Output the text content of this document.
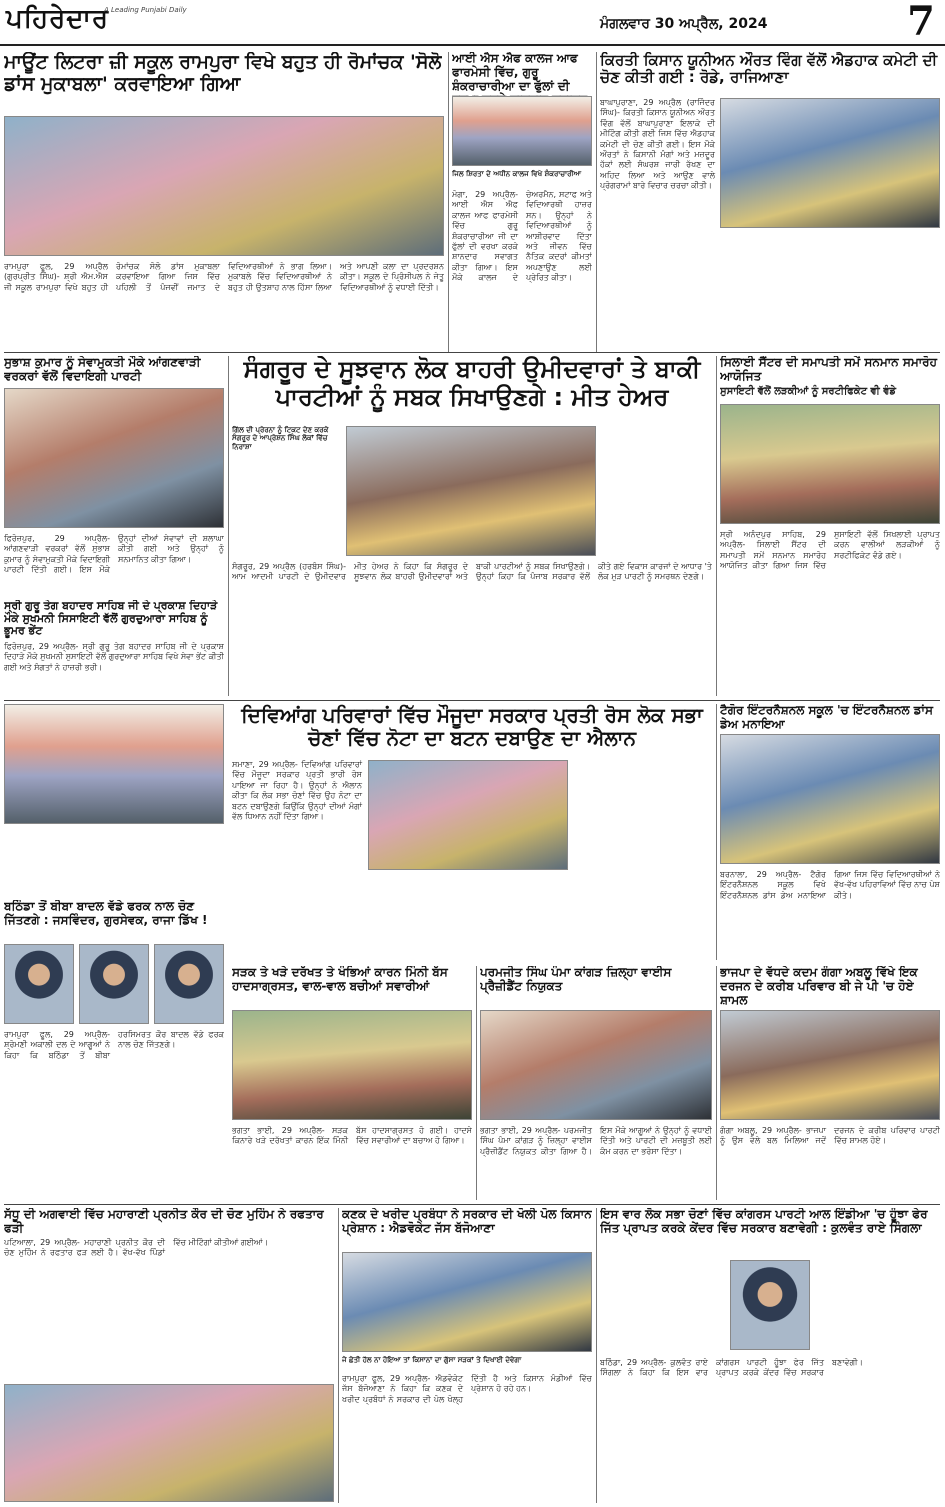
ਪਹਿਰੇਦਾਰ
A Leading Punjabi Daily
ਮੰਗਲਵਾਰ 30 ਅਪ੍ਰੈਲ, 2024	7
ਮਾਊਂਟ ਲਿਟਰਾ ਜ਼ੀ ਸਕੂਲ ਰਾਮਪੁਰਾ ਵਿਖੇ ਬਹੁਤ ਹੀ ਰੋਮਾਂਚਕ 'ਸੋਲੋ ਡਾਂਸ ਮੁਕਾਬਲਾ' ਕਰਵਾਇਆ ਗਿਆ
ਰਾਮਪੁਰਾ ਫੂਲ, 29 ਅਪ੍ਰੈਲ (ਗੁਰਪ੍ਰੀਤ ਸਿੰਘ)- ਸ਼੍ਰੀ ਐਮ.ਐਸ ਜੀ ਸਕੂਲ ਰਾਮਪੁਰਾ ਵਿਖੇ ਬਹੁਤ ਹੀ ਰੋਮਾਂਚਕ ਸੋਲੋ ਡਾਂਸ ਮੁਕਾਬਲਾ ਕਰਵਾਇਆ ਗਿਆ ਜਿਸ ਵਿੱਚ ਪਹਿਲੀ ਤੋਂ ਪੰਜਵੀਂ ਜਮਾਤ ਦੇ ਵਿਦਿਆਰਥੀਆਂ ਨੇ ਭਾਗ ਲਿਆ। ਮੁਕਾਬਲੇ ਵਿੱਚ ਵਿਦਿਆਰਥੀਆਂ ਨੇ ਬਹੁਤ ਹੀ ਉਤਸ਼ਾਹ ਨਾਲ ਹਿੱਸਾ ਲਿਆ ਅਤੇ ਆਪਣੀ ਕਲਾ ਦਾ ਪ੍ਰਦਰਸ਼ਨ ਕੀਤਾ। ਸਕੂਲ ਦੇ ਪ੍ਰਿੰਸੀਪਲ ਨੇ ਜੇਤੂ ਵਿਦਿਆਰਥੀਆਂ ਨੂੰ ਵਧਾਈ ਦਿੱਤੀ।
ਆਈ ਐਸ ਐਫ ਕਾਲਜ ਆਫ ਫਾਰਮੇਸੀ ਵਿੱਚ, ਗੁਰੂ ਸ਼ੰਕਰਾਚਾਰੀਆ ਦਾ ਫੁੱਲਾਂ ਦੀ
ਜਿਲ ਸ਼ਿਰਤਾ ਦੇ ਅਧੀਨ ਕਾਲਜ ਵਿਖੇ ਸ਼ੰਕਰਾਚਾਰੀਆ
ਮੋਗਾ, 29 ਅਪ੍ਰੈਲ- ਆਈ ਐਸ ਐਫ ਕਾਲਜ ਆਫ ਫਾਰਮੇਸੀ ਵਿੱਚ ਗੁਰੂ ਸ਼ੰਕਰਾਚਾਰੀਆ ਜੀ ਦਾ ਫੁੱਲਾਂ ਦੀ ਵਰਖਾ ਕਰਕੇ ਸ਼ਾਨਦਾਰ ਸਵਾਗਤ ਕੀਤਾ ਗਿਆ। ਇਸ ਮੌਕੇ ਕਾਲਜ ਦੇ ਚੇਅਰਮੈਨ, ਸਟਾਫ ਅਤੇ ਵਿਦਿਆਰਥੀ ਹਾਜ਼ਰ ਸਨ। ਉਨ੍ਹਾਂ ਨੇ ਵਿਦਿਆਰਥੀਆਂ ਨੂੰ ਆਸ਼ੀਰਵਾਦ ਦਿੱਤਾ ਅਤੇ ਜੀਵਨ ਵਿੱਚ ਨੈਤਿਕ ਕਦਰਾਂ ਕੀਮਤਾਂ ਅਪਣਾਉਣ ਲਈ ਪ੍ਰੇਰਿਤ ਕੀਤਾ।
ਕਿਰਤੀ ਕਿਸਾਨ ਯੂਨੀਅਨ ਔਰਤ ਵਿੰਗ ਵੱਲੋਂ ਐਡਹਾਕ ਕਮੇਟੀ ਦੀ ਚੋਣ ਕੀਤੀ ਗਈ : ਰੋਡੇ, ਰਾਜਿਆਣਾ
ਬਾਘਾਪੁਰਾਣਾ, 29 ਅਪ੍ਰੈਲ (ਰਾਜਿੰਦਰ ਸਿੰਘ)- ਕਿਰਤੀ ਕਿਸਾਨ ਯੂਨੀਅਨ ਔਰਤ ਵਿੰਗ ਵੱਲੋਂ ਬਾਘਾਪੁਰਾਣਾ ਇਲਾਕੇ ਦੀ ਮੀਟਿੰਗ ਕੀਤੀ ਗਈ ਜਿਸ ਵਿੱਚ ਐਡਹਾਕ ਕਮੇਟੀ ਦੀ ਚੋਣ ਕੀਤੀ ਗਈ। ਇਸ ਮੌਕੇ ਔਰਤਾਂ ਨੇ ਕਿਸਾਨੀ ਮੰਗਾਂ ਅਤੇ ਮਜ਼ਦੂਰ ਹੱਕਾਂ ਲਈ ਸੰਘਰਸ਼ ਜਾਰੀ ਰੱਖਣ ਦਾ ਅਹਿਦ ਲਿਆ ਅਤੇ ਆਉਣ ਵਾਲੇ ਪ੍ਰੋਗਰਾਮਾਂ ਬਾਰੇ ਵਿਚਾਰ ਚਰਚਾ ਕੀਤੀ।
ਸੁਭਾਸ਼ ਕੁਮਾਰ ਨੂੰ ਸੇਵਾਮੁਕਤੀ ਮੌਕੇ ਆਂਗਣਵਾੜੀ ਵਰਕਰਾਂ ਵੱਲੋਂ ਵਿਦਾਇਗੀ ਪਾਰਟੀ
ਫਿਰੋਜ਼ਪੁਰ, 29 ਅਪ੍ਰੈਲ- ਆਂਗਣਵਾੜੀ ਵਰਕਰਾਂ ਵੱਲੋਂ ਸੁਭਾਸ਼ ਕੁਮਾਰ ਨੂੰ ਸੇਵਾਮੁਕਤੀ ਮੌਕੇ ਵਿਦਾਇਗੀ ਪਾਰਟੀ ਦਿੱਤੀ ਗਈ। ਇਸ ਮੌਕੇ ਉਨ੍ਹਾਂ ਦੀਆਂ ਸੇਵਾਵਾਂ ਦੀ ਸ਼ਲਾਘਾ ਕੀਤੀ ਗਈ ਅਤੇ ਉਨ੍ਹਾਂ ਨੂੰ ਸਨਮਾਨਿਤ ਕੀਤਾ ਗਿਆ।
ਸੰਗਰੂਰ ਦੇ ਸੂਝਵਾਨ ਲੋਕ ਬਾਹਰੀ ਉਮੀਦਵਾਰਾਂ ਤੇ ਬਾਕੀ ਪਾਰਟੀਆਂ ਨੂੰ ਸਬਕ ਸਿਖਾਉਣਗੇ : ਮੀਤ ਹੇਅਰ
ਗਿੱਲ ਦੀ ਪ੍ਰੇਰਨਾ ਨੂੰ ਟਿਕਟ ਦੇਣ ਕਰਕੇ ਸੰਗਰੂਰ ਦੇ ਆਪ੍ਰੇਸ਼ਨ ਸਿੰਘ ਲੋਕਾਂ ਵਿੱਚ ਨਿਰਾਸ਼ਾ
ਸੰਗਰੂਰ, 29 ਅਪ੍ਰੈਲ (ਹਰਬੰਸ ਸਿੰਘ)- ਆਮ ਆਦਮੀ ਪਾਰਟੀ ਦੇ ਉਮੀਦਵਾਰ ਮੀਤ ਹੇਅਰ ਨੇ ਕਿਹਾ ਕਿ ਸੰਗਰੂਰ ਦੇ ਸੂਝਵਾਨ ਲੋਕ ਬਾਹਰੀ ਉਮੀਦਵਾਰਾਂ ਅਤੇ ਬਾਕੀ ਪਾਰਟੀਆਂ ਨੂੰ ਸਬਕ ਸਿਖਾਉਣਗੇ। ਉਨ੍ਹਾਂ ਕਿਹਾ ਕਿ ਪੰਜਾਬ ਸਰਕਾਰ ਵੱਲੋਂ ਕੀਤੇ ਗਏ ਵਿਕਾਸ ਕਾਰਜਾਂ ਦੇ ਆਧਾਰ 'ਤੇ ਲੋਕ ਮੁੜ ਪਾਰਟੀ ਨੂੰ ਸਮਰਥਨ ਦੇਣਗੇ।
ਸਿਲਾਈ ਸੈਂਟਰ ਦੀ ਸਮਾਪਤੀ ਸਮੇਂ ਸਨਮਾਨ ਸਮਾਰੋਹ ਆਯੋਜਿਤ
ਸੁਸਾਇਟੀ ਵੱਲੋਂ ਲੜਕੀਆਂ ਨੂੰ ਸਰਟੀਫਿਕੇਟ ਵੀ ਵੰਡੇ
ਸ੍ਰੀ ਅਨੰਦਪੁਰ ਸਾਹਿਬ, 29 ਅਪ੍ਰੈਲ- ਸਿਲਾਈ ਸੈਂਟਰ ਦੀ ਸਮਾਪਤੀ ਸਮੇਂ ਸਨਮਾਨ ਸਮਾਰੋਹ ਆਯੋਜਿਤ ਕੀਤਾ ਗਿਆ ਜਿਸ ਵਿੱਚ ਸੁਸਾਇਟੀ ਵੱਲੋਂ ਸਿਖਲਾਈ ਪ੍ਰਾਪਤ ਕਰਨ ਵਾਲੀਆਂ ਲੜਕੀਆਂ ਨੂੰ ਸਰਟੀਫਿਕੇਟ ਵੰਡੇ ਗਏ।
ਸ੍ਰੀ ਗੁਰੂ ਤੇਗ ਬਹਾਦਰ ਸਾਹਿਬ ਜੀ ਦੇ ਪ੍ਰਕਾਸ਼ ਦਿਹਾੜੇ ਮੌਕੇ ਸੁਖਮਨੀ ਸਿਸਾਇਟੀ ਵੱਲੋਂ ਗੁਰਦੁਆਰਾ ਸਾਹਿਬ ਨੂੰ ਭੂਮਰ ਭੇਂਟ
ਫਿਰੋਜ਼ਪੁਰ, 29 ਅਪ੍ਰੈਲ- ਸ੍ਰੀ ਗੁਰੂ ਤੇਗ ਬਹਾਦਰ ਸਾਹਿਬ ਜੀ ਦੇ ਪ੍ਰਕਾਸ਼ ਦਿਹਾੜੇ ਮੌਕੇ ਸੁਖਮਨੀ ਸੁਸਾਇਟੀ ਵੱਲੋਂ ਗੁਰਦੁਆਰਾ ਸਾਹਿਬ ਵਿਖੇ ਸੇਵਾ ਭੇਂਟ ਕੀਤੀ ਗਈ ਅਤੇ ਸੰਗਤਾਂ ਨੇ ਹਾਜ਼ਰੀ ਭਰੀ।
ਦਿਵਿਆਂਗ ਪਰਿਵਾਰਾਂ ਵਿੱਚ ਮੌਜੂਦਾ ਸਰਕਾਰ ਪ੍ਰਤੀ ਰੋਸ ਲੋਕ ਸਭਾ ਚੋਣਾਂ ਵਿੱਚ ਨੋਟਾ ਦਾ ਬਟਨ ਦਬਾਉਣ ਦਾ ਐਲਾਨ
ਸਮਾਣਾ, 29 ਅਪ੍ਰੈਲ- ਦਿਵਿਆਂਗ ਪਰਿਵਾਰਾਂ ਵਿੱਚ ਮੌਜੂਦਾ ਸਰਕਾਰ ਪ੍ਰਤੀ ਭਾਰੀ ਰੋਸ ਪਾਇਆ ਜਾ ਰਿਹਾ ਹੈ। ਉਨ੍ਹਾਂ ਨੇ ਐਲਾਨ ਕੀਤਾ ਕਿ ਲੋਕ ਸਭਾ ਚੋਣਾਂ ਵਿੱਚ ਉਹ ਨੋਟਾ ਦਾ ਬਟਨ ਦਬਾਉਣਗੇ ਕਿਉਂਕਿ ਉਨ੍ਹਾਂ ਦੀਆਂ ਮੰਗਾਂ ਵੱਲ ਧਿਆਨ ਨਹੀਂ ਦਿੱਤਾ ਗਿਆ।
ਟੈਗੋਰ ਇੰਟਰਨੈਸ਼ਨਲ ਸਕੂਲ 'ਚ ਇੰਟਰਨੈਸ਼ਨਲ ਡਾਂਸ ਡੇਅ ਮਨਾਇਆ
ਬਰਨਾਲਾ, 29 ਅਪ੍ਰੈਲ- ਟੈਗੋਰ ਇੰਟਰਨੈਸ਼ਨਲ ਸਕੂਲ ਵਿਖੇ ਇੰਟਰਨੈਸ਼ਨਲ ਡਾਂਸ ਡੇਅ ਮਨਾਇਆ ਗਿਆ ਜਿਸ ਵਿੱਚ ਵਿਦਿਆਰਥੀਆਂ ਨੇ ਵੱਖ-ਵੱਖ ਪਹਿਰਾਵਿਆਂ ਵਿੱਚ ਨਾਚ ਪੇਸ਼ ਕੀਤੇ।
ਬਠਿੰਡਾ ਤੋਂ ਬੀਬਾ ਬਾਦਲ ਵੱਡੇ ਫਰਕ ਨਾਲ ਚੋਣ ਜਿੱਤਣਗੇ : ਜਸਵਿੰਦਰ, ਗੁਰਸੇਵਕ, ਰਾਜਾ ਡਿੱਖ !
ਰਾਮਪੁਰਾ ਫੂਲ, 29 ਅਪ੍ਰੈਲ- ਸ਼੍ਰੋਮਣੀ ਅਕਾਲੀ ਦਲ ਦੇ ਆਗੂਆਂ ਨੇ ਕਿਹਾ ਕਿ ਬਠਿੰਡਾ ਤੋਂ ਬੀਬਾ ਹਰਸਿਮਰਤ ਕੌਰ ਬਾਦਲ ਵੱਡੇ ਫਰਕ ਨਾਲ ਚੋਣ ਜਿੱਤਣਗੇ।
ਸੜਕ ਤੇ ਖੜੇ ਦਰੱਖਤ ਤੇ ਖੰਭਿਆਂ ਕਾਰਨ ਮਿੰਨੀ ਬੱਸ ਹਾਦਸਾਗ੍ਰਸਤ, ਵਾਲ-ਵਾਲ ਬਚੀਆਂ ਸਵਾਰੀਆਂ
ਭਗਤਾ ਭਾਈ, 29 ਅਪ੍ਰੈਲ- ਸੜਕ ਕਿਨਾਰੇ ਖੜੇ ਦਰੱਖਤਾਂ ਕਾਰਨ ਇੱਕ ਮਿੰਨੀ ਬੱਸ ਹਾਦਸਾਗ੍ਰਸਤ ਹੋ ਗਈ। ਹਾਦਸੇ ਵਿੱਚ ਸਵਾਰੀਆਂ ਦਾ ਬਚਾਅ ਹੋ ਗਿਆ।
ਪਰਮਜੀਤ ਸਿੰਘ ਪੰਮਾ ਕਾਂਗੜ ਜ਼ਿਲ੍ਹਾ ਵਾਈਸ ਪ੍ਰੈਜ਼ੀਡੈਂਟ ਨਿਯੁਕਤ
ਭਗਤਾ ਭਾਈ, 29 ਅਪ੍ਰੈਲ- ਪਰਮਜੀਤ ਸਿੰਘ ਪੰਮਾ ਕਾਂਗੜ ਨੂੰ ਜ਼ਿਲ੍ਹਾ ਵਾਈਸ ਪ੍ਰੈਜ਼ੀਡੈਂਟ ਨਿਯੁਕਤ ਕੀਤਾ ਗਿਆ ਹੈ। ਇਸ ਮੌਕੇ ਆਗੂਆਂ ਨੇ ਉਨ੍ਹਾਂ ਨੂੰ ਵਧਾਈ ਦਿੱਤੀ ਅਤੇ ਪਾਰਟੀ ਦੀ ਮਜ਼ਬੂਤੀ ਲਈ ਕੰਮ ਕਰਨ ਦਾ ਭਰੋਸਾ ਦਿੱਤਾ।
ਭਾਜਪਾ ਦੇ ਵੱਧਦੇ ਕਦਮ ਗੰਗਾ ਅਬਲੂ ਵਿੱਖੇ ਇਕ ਦਰਜਨ ਦੇ ਕਰੀਬ ਪਰਿਵਾਰ ਬੀ ਜੇ ਪੀ 'ਚ ਹੋਏ ਸ਼ਾਮਲ
ਗੰਗਾ ਅਬਲੂ, 29 ਅਪ੍ਰੈਲ- ਭਾਜਪਾ ਨੂੰ ਉਸ ਵੇਲੇ ਬਲ ਮਿਲਿਆ ਜਦੋਂ ਦਰਜਨ ਦੇ ਕਰੀਬ ਪਰਿਵਾਰ ਪਾਰਟੀ ਵਿੱਚ ਸ਼ਾਮਲ ਹੋਏ।
ਸੱਧੂ ਦੀ ਅਗਵਾਈ ਵਿੱਚ ਮਹਾਰਾਣੀ ਪ੍ਰਨੀਤ ਕੌਰ ਦੀ ਚੋਣ ਮੁਹਿੰਮ ਨੇ ਰਫਤਾਰ ਫੜੀ
ਪਟਿਆਲਾ, 29 ਅਪ੍ਰੈਲ- ਮਹਾਰਾਣੀ ਪ੍ਰਨੀਤ ਕੌਰ ਦੀ ਚੋਣ ਮੁਹਿੰਮ ਨੇ ਰਫਤਾਰ ਫੜ ਲਈ ਹੈ। ਵੱਖ-ਵੱਖ ਪਿੰਡਾਂ ਵਿੱਚ ਮੀਟਿੰਗਾਂ ਕੀਤੀਆਂ ਗਈਆਂ।
ਕਣਕ ਦੇ ਖਰੀਦ ਪ੍ਰਬੰਧਾ ਨੇ ਸਰਕਾਰ ਦੀ ਖੋਲੀ ਪੋਲ ਕਿਸਾਨ ਪ੍ਰੇਸ਼ਾਨ : ਐਡਵੋਕੇਟ ਜੱਸ ਬੱਜੋਆਣਾ
ਜੇ ਛੇਤੀ ਹੱਲ ਨਾ ਹੋਇਆ ਤਾਂ ਕਿਸਾਨਾਂ ਦਾ ਗੁੱਸਾ ਸੜਕਾਂ ਤੇ ਦਿਖਾਈ ਦੇਵੇਗਾ
ਰਾਮਪੁਰਾ ਫੂਲ, 29 ਅਪ੍ਰੈਲ- ਐਡਵੋਕੇਟ ਜੱਸ ਬੱਜੋਆਣਾ ਨੇ ਕਿਹਾ ਕਿ ਕਣਕ ਦੇ ਖਰੀਦ ਪ੍ਰਬੰਧਾਂ ਨੇ ਸਰਕਾਰ ਦੀ ਪੋਲ ਖੋਲ੍ਹ ਦਿੱਤੀ ਹੈ ਅਤੇ ਕਿਸਾਨ ਮੰਡੀਆਂ ਵਿੱਚ ਪ੍ਰੇਸ਼ਾਨ ਹੋ ਰਹੇ ਹਨ।
ਇਸ ਵਾਰ ਲੋਕ ਸਭਾ ਚੋਣਾਂ ਵਿੱਚ ਕਾਂਗਰਸ ਪਾਰਟੀ ਆਲ ਇੰਡੀਆ 'ਚ ਹੂੰਝਾ ਫੇਰ ਜਿੱਤ ਪ੍ਰਾਪਤ ਕਰਕੇ ਕੇਂਦਰ ਵਿੱਚ ਸਰਕਾਰ ਬਣਾਵੇਗੀ : ਕੁਲਵੰਤ ਰਾਏ ਸਿੰਗਲਾ
ਬਠਿੰਡਾ, 29 ਅਪ੍ਰੈਲ- ਕੁਲਵੰਤ ਰਾਏ ਸਿੰਗਲਾ ਨੇ ਕਿਹਾ ਕਿ ਇਸ ਵਾਰ ਕਾਂਗਰਸ ਪਾਰਟੀ ਹੂੰਝਾ ਫੇਰ ਜਿੱਤ ਪ੍ਰਾਪਤ ਕਰਕੇ ਕੇਂਦਰ ਵਿੱਚ ਸਰਕਾਰ ਬਣਾਵੇਗੀ।
